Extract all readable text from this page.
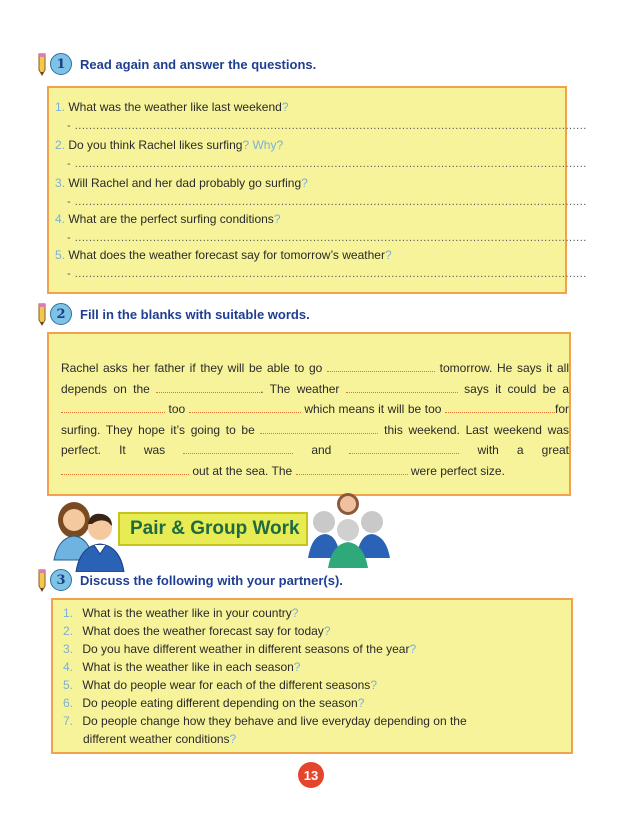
1	Read again and answer the questions.
1. What was the weather like last weekend?
- ................................................................................................................................................
2. Do you think Rachel likes surfing? Why?
- ................................................................................................................................................
3. Will Rachel and her dad probably go surfing?
- ................................................................................................................................................
4. What are the perfect surfing conditions?
- ................................................................................................................................................
5. What does the weather forecast say for tomorrow’s weather?
- ................................................................................................................................................
2	Fill in the blanks with suitable words.
Rachel asks her father if they will be able to go	tomorrow. He says it all depends on the	. The weather	says it could be a  too	which means it will be too	for surfing. They hope it’s going to be	this weekend. Last weekend was perfect. It was	and	with a great  out at the sea. The	were perfect size.
Pair & Group Work
3	Discuss the following with your partner(s).
1. What is the weather like in your country?
2. What does the weather forecast say for today?
3. Do you have different weather in different seasons of the year?
4. What is the weather like in each season?
5. What do people wear for each of the different seasons?
6. Do people eating different depending on the season?
7. Do people change how they behave and live everyday depending on the
different weather conditions?
13
